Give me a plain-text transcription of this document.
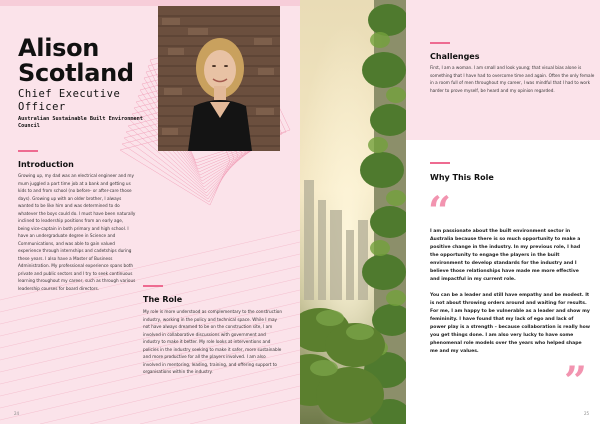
Alison
Scotland
Chief Executive Officer
Australian Sustainable Built Environment Council
Introduction
Growing up, my dad was an electrical engineer and my mum juggled a part time job at a bank and getting us kids to and from school (no before- or after-care those days). Growing up with an older brother, I always wanted to be like him and was determined to do whatever the boys could do. I must have been naturally inclined to leadership positions from an early age, being vice-captain in both primary and high school. I have an undergraduate degree in Science and Communications, and was able to gain valued experience through internships and cadetships during these years. I also have a Master of Business Administration. My professional experience spans both private and public sectors and I try to seek continuous learning throughout my career, such as through various leadership courses for board directors.
The Role
My role is more understood as complementary to the construction industry, working in the policy and technical space. While I may not have always dreamed to be on the construction site, I am involved in collaborative discussions with government and industry to make it better. My role looks at interventions and policies in the industry seeking to make it safer, more sustainable and more productive for all the players involved. I am also involved in mentoring, leading, training, and offering support to organisations within the industry.
24
Challenges
First, I am a woman. I am small and look young; that visual bias alone is something that I have had to overcome time and again. Often the only female in a room full of men throughout my career, I was mindful that I had to work harder to prove myself, be heard and my opinion regarded.
Why This Role
“

I am passionate about the built environment sector in Australia because there is so much opportunity to make a positive change in the industry. In my previous role, I had the opportunity to engage the players in the built environment to develop standards for the industry and I believe those relationships have made me more effective and impactful in my current role.

You can be a leader and still have empathy and be modest. It is not about throwing orders around and waiting for results. For me, I am happy to be vulnerable as a leader and show my femininity. I have found that my lack of ego and lack of power play is a strength – because collaboration is really how you get things done. I am also very lucky to have some phenomenal role models over the years who helped shape me and my values.

”
25
